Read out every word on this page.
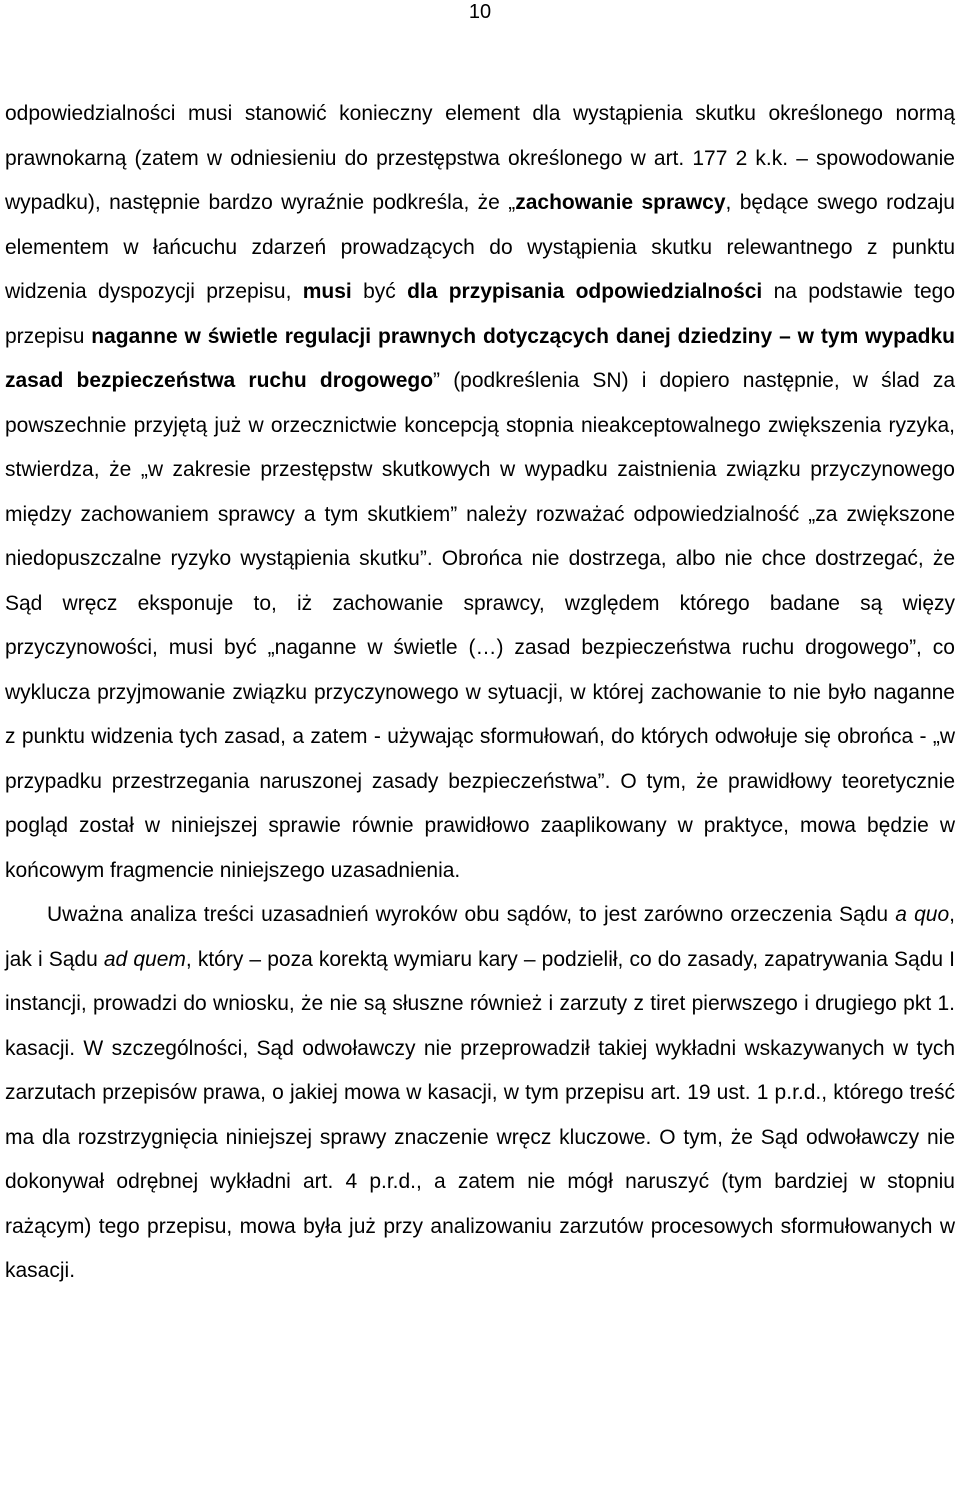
10

odpowiedzialności musi stanowić konieczny element dla wystąpienia skutku określonego normą prawnokarną (zatem w odniesieniu do przestępstwa określonego w art. 177 2 k.k. – spowodowanie wypadku), następnie bardzo wyraźnie podkreśla, że „zachowanie sprawcy, będące swego rodzaju elementem w łańcuchu zdarzeń prowadzących do wystąpienia skutku relewantnego z punktu widzenia dyspozycji przepisu, musi być dla przypisania odpowiedzialności na podstawie tego przepisu naganne w świetle regulacji prawnych dotyczących danej dziedziny – w tym wypadku zasad bezpieczeństwa ruchu drogowego” (podkreślenia SN) i dopiero następnie, w ślad za powszechnie przyjętą już w orzecznictwie koncepcją stopnia nieakceptowalnego zwiększenia ryzyka, stwierdza, że „w zakresie przestępstw skutkowych w wypadku zaistnienia związku przyczynowego między zachowaniem sprawcy a tym skutkiem” należy rozważać odpowiedzialność „za zwiększone niedopuszczalne ryzyko wystąpienia skutku”. Obrońca nie dostrzega, albo nie chce dostrzegać, że Sąd wręcz eksponuje to, iż zachowanie sprawcy, względem którego badane są więzy przyczynowości, musi być „naganne w świetle (…) zasad bezpieczeństwa ruchu drogowego”, co wyklucza przyjmowanie związku przyczynowego w sytuacji, w której zachowanie to nie było naganne z punktu widzenia tych zasad, a zatem - używając sformułowań, do których odwołuje się obrońca - „w przypadku przestrzegania naruszonej zasady bezpieczeństwa”. O tym, że prawidłowy teoretycznie pogląd został w niniejszej sprawie równie prawidłowo zaaplikowany w praktyce, mowa będzie w końcowym fragmencie niniejszego uzasadnienia.

Uważna analiza treści uzasadnień wyroków obu sądów, to jest zarówno orzeczenia Sądu a quo, jak i Sądu ad quem, który – poza korektą wymiaru kary – podzielił, co do zasady, zapatrywania Sądu I instancji, prowadzi do wniosku, że nie są słuszne również i zarzuty z tiret pierwszego i drugiego pkt 1. kasacji. W szczególności, Sąd odwoławczy nie przeprowadził takiej wykładni wskazywanych w tych zarzutach przepisów prawa, o jakiej mowa w kasacji, w tym przepisu art. 19 ust. 1 p.r.d., którego treść ma dla rozstrzygnięcia niniejszej sprawy znaczenie wręcz kluczowe. O tym, że Sąd odwoławczy nie dokonywał odrębnej wykładni art. 4 p.r.d., a zatem nie mógł naruszyć (tym bardziej w stopniu rażącym) tego przepisu, mowa była już przy analizowaniu zarzutów procesowych sformułowanych w kasacji.
